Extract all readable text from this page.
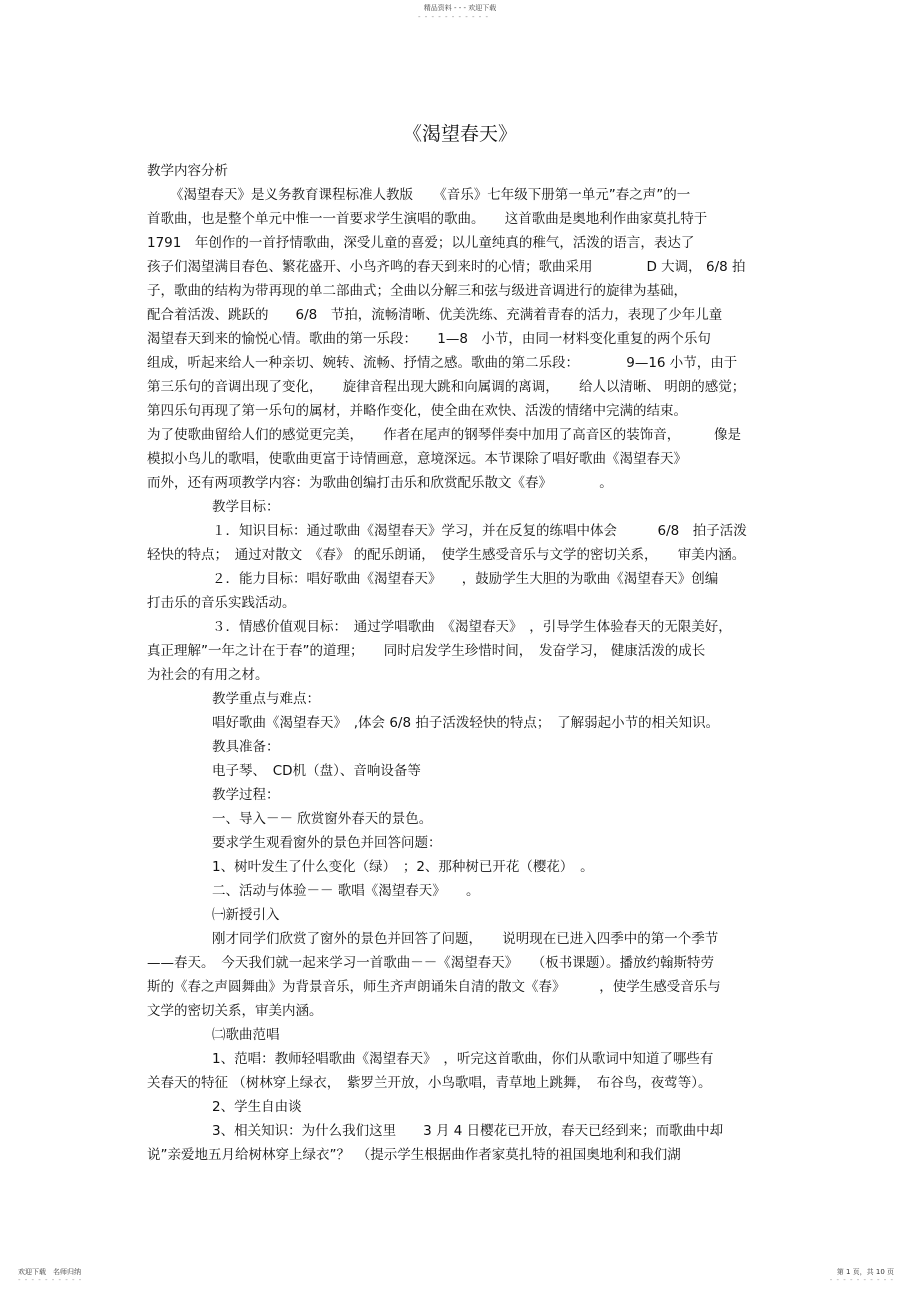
精品资料 - - - 欢迎下载
- - - - - - - - - - -
《渴望春天》
教学内容分析
《渴望春天》是义务教育课程标准人教版　　《音乐》七年级下册第一单元”春之声”的一
首歌曲，也是整个单元中惟一一首要求学生演唱的歌曲。　　这首歌曲是奥地利作曲家莫扎特于
1791　年创作的一首抒情歌曲，深受儿童的喜爱；以儿童纯真的稚气，活泼的语言，表达了
孩子们渴望满目春色、繁花盛开、小鸟齐鸣的春天到来时的心情；歌曲采用　　　　D 大调， 6/8 拍
子，歌曲的结构为带再现的单二部曲式；全曲以分解三和弦与级进音调进行的旋律为基础，
配合着活泼、跳跃的　　6/8　节拍，流畅清晰、优美洗练、充满着青春的活力，表现了少年儿童
渴望春天到来的愉悦心情。歌曲的第一乐段：　　1—8　小节，由同一材料变化重复的两个乐句
组成，听起来给人一种亲切、婉转、流畅、抒情之感。歌曲的第二乐段：　　　　9—16 小节，由于
第三乐句的音调出现了变化，　　旋律音程出现大跳和向属调的离调，　　给人以清晰、 明朗的感觉；
第四乐句再现了第一乐句的属材，并略作变化，使全曲在欢快、活泼的情绪中完满的结束。
为了使歌曲留给人们的感觉更完美，　　作者在尾声的钢琴伴奏中加用了高音区的装饰音，　　　像是
模拟小鸟儿的歌唱，使歌曲更富于诗情画意，意境深远。本节课除了唱好歌曲《渴望春天》
而外，还有两项教学内容：为歌曲创编打击乐和欣赏配乐散文《春》　　　　。
教学目标：
１．知识目标：通过歌曲《渴望春天》学习，并在反复的练唱中体会　　　6/8　拍子活泼
轻快的特点；　通过对散文　《春》 的配乐朗诵，　使学生感受音乐与文学的密切关系，　　审美内涵。
２．能力目标：唱好歌曲《渴望春天》　　，鼓励学生大胆的为歌曲《渴望春天》创编
打击乐的音乐实践活动。
３．情感价值观目标：　通过学唱歌曲　《渴望春天》　，引导学生体验春天的无限美好，
真正理解”一年之计在于春”的道理；　　同时启发学生珍惜时间，　发奋学习， 健康活泼的成长
为社会的有用之材。
教学重点与难点：
唱好歌曲《渴望春天》　,体会 6/8 拍子活泼轻快的特点；　了解弱起小节的相关知识。
教具准备：
电子琴、　CD机（盘）、音响设备等
教学过程：
一、导入－－ 欣赏窗外春天的景色。
要求学生观看窗外的景色并回答问题：
1、树叶发生了什么变化（绿）　；2、那种树已开花（樱花）　。
二、活动与体验－－ 歌唱《渴望春天》　　。
㈠新授引入
刚才同学们欣赏了窗外的景色并回答了问题，　　说明现在已进入四季中的第一个季节
——春天。　今天我们就一起来学习一首歌曲－－《渴望春天》　　（板书课题）。播放约翰斯特劳
斯的《春之声圆舞曲》为背景音乐，师生齐声朗诵朱自清的散文《春》　　　，使学生感受音乐与
文学的密切关系，审美内涵。
㈡歌曲范唱
1、范唱：教师轻唱歌曲《渴望春天》　，听完这首歌曲，你们从歌词中知道了哪些有
关春天的特征 （树林穿上绿衣，　紫罗兰开放，小鸟歌唱，青草地上跳舞，　布谷鸟，夜莺等）。
2、学生自由谈
3、相关知识：为什么我们这里　　3 月 4 日樱花已开放，春天已经到来；而歌曲中却
说”亲爱地五月给树林穿上绿衣”？　（提示学生根据曲作者家莫扎特的祖国奥地利和我们湖
欢迎下载　名师归纳
- - - - - - - - - -
第 1 页，共 10 页
- - - - - - - - - -
